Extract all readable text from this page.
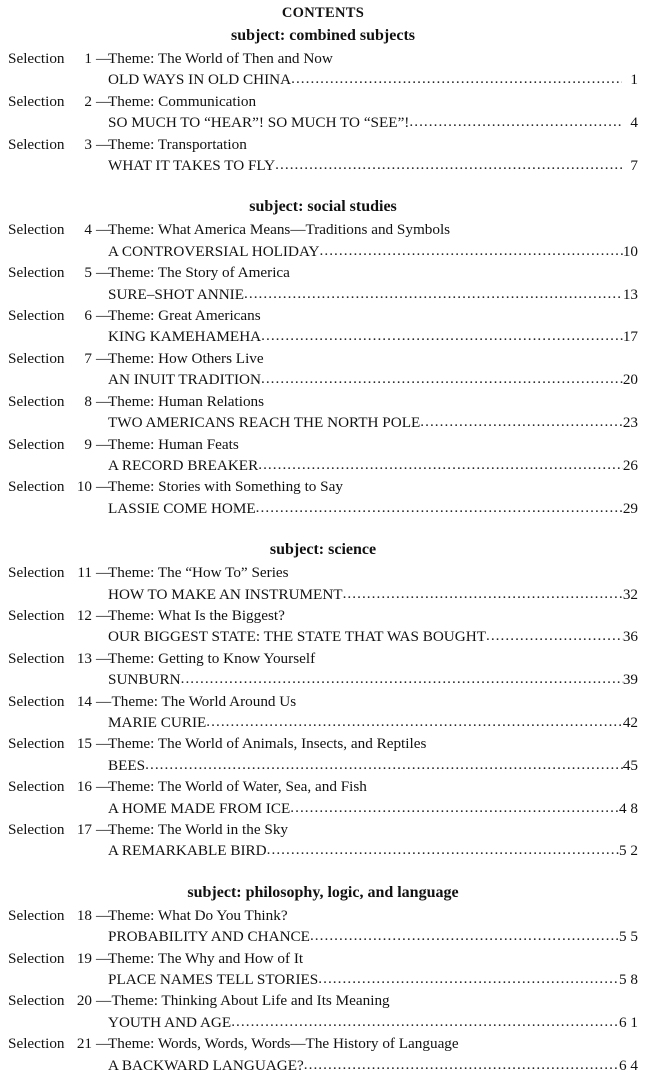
CONTENTS
subject: combined subjects
Selection	1 —
Theme: The World of Then and Now
OLD WAYS IN OLD CHINA .....	1
Selection	2 —
Theme: Communication
SO MUCH TO “HEAR”! SO MUCH TO “SEE”! .....	4
Selection	3 —
Theme: Transportation
WHAT IT TAKES TO FLY .....	7
subject: social studies
Selection	4 —
Theme: What America Means—Traditions and Symbols
A CONTROVERSIAL HOLIDAY .....	10
Selection	5 —
Theme: The Story of America
SURE–SHOT ANNIE .....	13
Selection	6 —
Theme: Great Americans
KING KAMEHAMEHA .....	17
Selection	7 —
Theme: How Others Live
AN INUIT TRADITION .....	20
Selection	8 —
Theme: Human Relations
TWO AMERICANS REACH THE NORTH POLE .....	23
Selection	9 —
Theme: Human Feats
A RECORD BREAKER .....	26
Selection 10 —
Theme: Stories with Something to Say
LASSIE COME HOME .....	29
subject: science
Selection 11 —
Theme: The “How To” Series
HOW TO MAKE AN INSTRUMENT .....	32
Selection 12 —
Theme: What Is the Biggest?
OUR BIGGEST STATE: THE STATE THAT WAS BOUGHT .....	36
Selection 13 —
Theme: Getting to Know Yourself
SUNBURN .....	39
Selection 14 —
Theme: The World Around Us
MARIE CURIE .....	42
Selection 15 —
Theme: The World of Animals, Insects, and Reptiles
BEES .....	45
Selection 16 —
Theme: The World of Water, Sea, and Fish
A HOME MADE FROM ICE .....	4 8
Selection 17 —
Theme: The World in the Sky
A REMARKABLE BIRD .....	5 2
subject: philosophy, logic, and language
Selection 18 —
Theme: What Do You Think?
PROBABILITY AND CHANCE .....	5 5
Selection 19 —
Theme: The Why and How of It
PLACE NAMES TELL STORIES .....	5 8
Selection 20 —
Theme: Thinking About Life and Its Meaning
YOUTH AND AGE .....	6 1
Selection 21 —
Theme: Words, Words, Words—The History of Language
A BACKWARD LANGUAGE? .....	6 4
